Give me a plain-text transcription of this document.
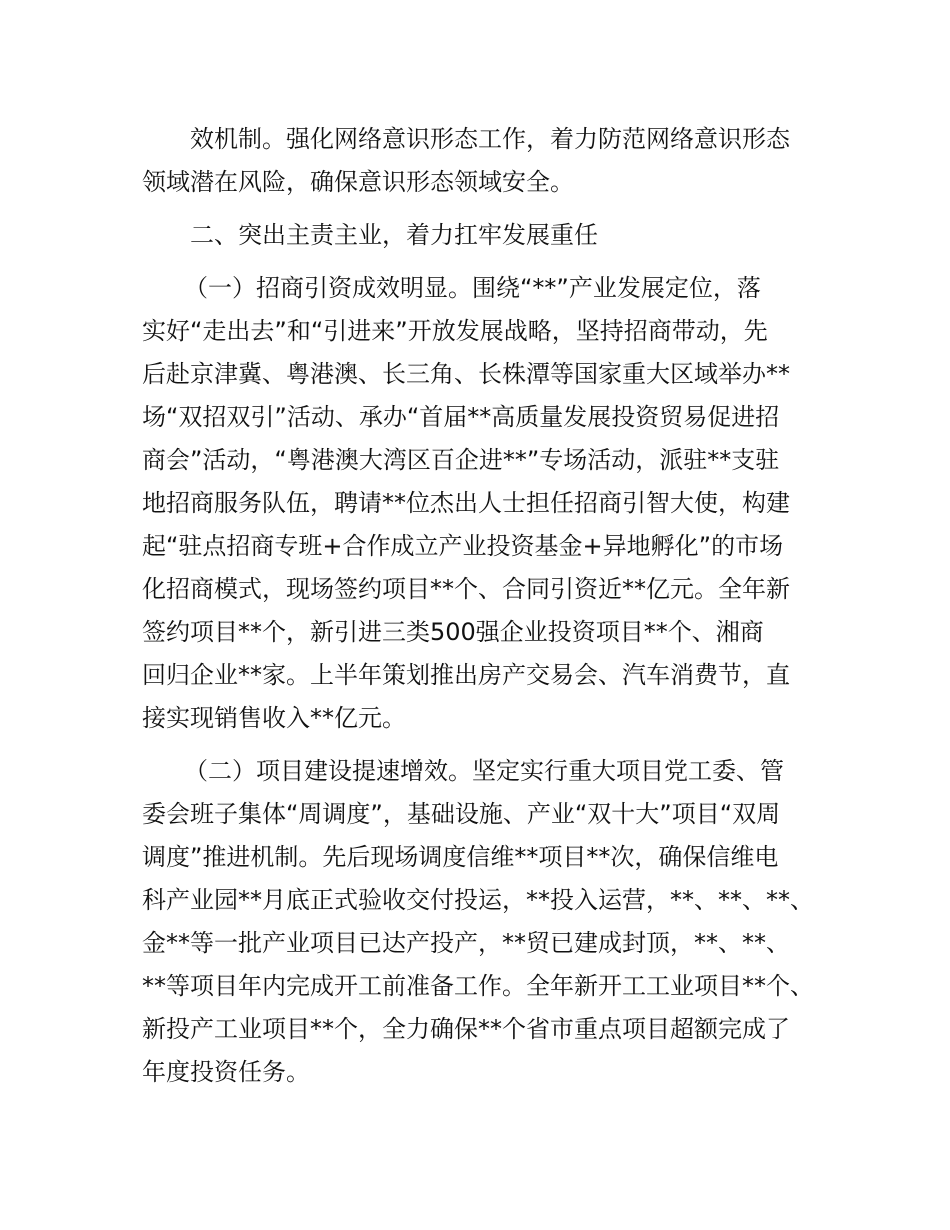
效机制。强化网络意识形态工作，着力防范网络意识形态
领域潜在风险，确保意识形态领域安全。
二、突出主责主业，着力扛牢发展重任
（一）招商引资成效明显。围绕“**”产业发展定位，落
实好“走出去”和“引进来”开放发展战略，坚持招商带动，先
后赴京津冀、粤港澳、长三角、长株潭等国家重大区域举办**
场“双招双引”活动、承办“首届**高质量发展投资贸易促进招
商会”活动，“粤港澳大湾区百企进**”专场活动，派驻**支驻
地招商服务队伍，聘请**位杰出人士担任招商引智大使，构建
起“驻点招商专班+合作成立产业投资基金+异地孵化”的市场
化招商模式，现场签约项目**个、合同引资近**亿元。全年新
签约项目**个，新引进三类500强企业投资项目**个、湘商
回归企业**家。上半年策划推出房产交易会、汽车消费节，直
接实现销售收入**亿元。
（二）项目建设提速增效。坚定实行重大项目党工委、管
委会班子集体“周调度”，基础设施、产业“双十大”项目“双周
调度”推进机制。先后现场调度信维**项目**次，确保信维电
科产业园**月底正式验收交付投运，**投入运营，**、**、**、
金**等一批产业项目已达产投产，**贸已建成封顶，**、**、
**等项目年内完成开工前准备工作。全年新开工工业项目**个、
新投产工业项目**个，全力确保**个省市重点项目超额完成了
年度投资任务。
